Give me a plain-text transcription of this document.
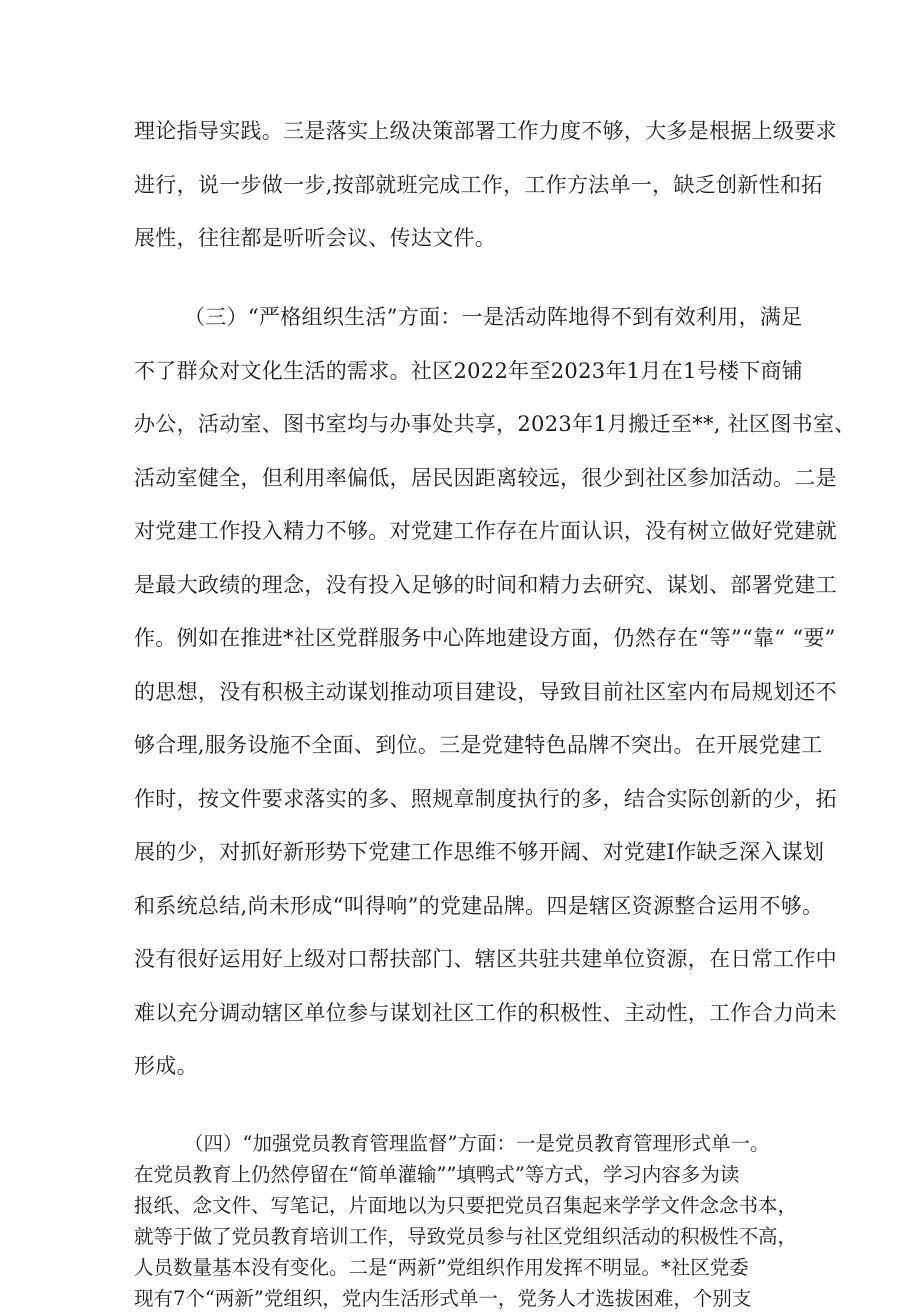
理论指导实践。三是落实上级决策部署工作力度不够，大多是根据上级要求
进行，说一步做一步,按部就班完成工作，工作方法单一，缺乏创新性和拓
展性，往往都是听听会议、传达文件。
（三）“严格组织生活”方面：一是活动阵地得不到有效利用，满足
不了群众对文化生活的需求。社区2022年至2023年1月在1号楼下商铺
办公，活动室、图书室均与办事处共享，2023年1月搬迁至**, 社区图书室、
活动室健全，但利用率偏低，居民因距离较远，很少到社区参加活动。二是
对党建工作投入精力不够。对党建工作存在片面认识，没有树立做好党建就
是最大政绩的理念，没有投入足够的时间和精力去研究、谋划、部署党建工
作。例如在推进*社区党群服务中心阵地建设方面，仍然存在“等”“靠“ “要”
的思想，没有积极主动谋划推动项目建设，导致目前社区室内布局规划还不
够合理,服务设施不全面、到位。三是党建特色品牌不突出。在开展党建工
作时，按文件要求落实的多、照规章制度执行的多，结合实际创新的少，拓
展的少，对抓好新形势下党建工作思维不够开阔、对党建I作缺乏深入谋划
和系统总结,尚未形成“叫得响”的党建品牌。四是辖区资源整合运用不够。
没有很好运用好上级对口帮扶部门、辖区共驻共建单位资源，在日常工作中
难以充分调动辖区单位参与谋划社区工作的积极性、主动性，工作合力尚未
形成。
（四）“加强党员教育管理监督”方面：一是党员教育管理形式单一。
在党员教育上仍然停留在“简单灌输””填鸭式”等方式，学习内容多为读
报纸、念文件、写笔记，片面地以为只要把党员召集起来学学文件念念书本，
就等于做了党员教育培训工作，导致党员参与社区党组织活动的积极性不高，
人员数量基本没有变化。二是“两新”党组织作用发挥不明显。*社区党委
现有7个“两新”党组织，党内生活形式单一，党务人才选拔困难，个别支
